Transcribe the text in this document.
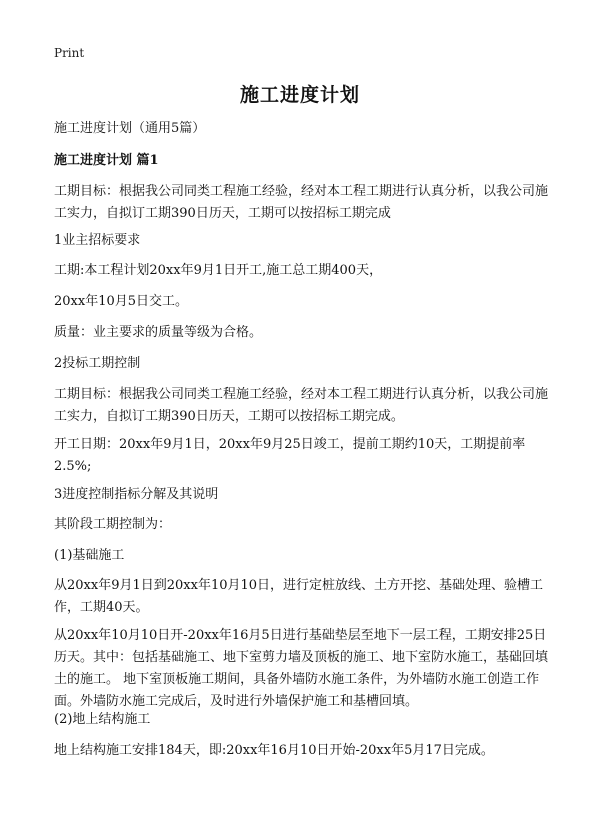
Print
施工进度计划

施工进度计划（通用5篇）

施工进度计划 篇1

工期目标：根据我公司同类工程施工经验，经对本工程工期进行认真分析，以我公司施工实力，自拟订工期390日历天，工期可以按招标工期完成

1业主招标要求

工期:本工程计划20xx年9月1日开工,施工总工期400天，

20xx年10月5日交工。

质量：业主要求的质量等级为合格。

2投标工期控制

工期目标：根据我公司同类工程施工经验，经对本工程工期进行认真分析，以我公司施工实力，自拟订工期390日历天，工期可以按招标工期完成。

开工日期：20xx年9月1日，20xx年9月25日竣工，提前工期约10天，工期提前率2.5%;

3进度控制指标分解及其说明

其阶段工期控制为：

(1)基础施工

从20xx年9月1日到20xx年10月10日，进行定桩放线、土方开挖、基础处理、验槽工作，工期40天。

从20xx年10月10日开-20xx年16月5日进行基础垫层至地下一层工程，工期安排25日历天。其中：包括基础施工、地下室剪力墙及顶板的施工、地下室防水施工，基础回填土的施工。 地下室顶板施工期间，具备外墙防水施工条件，为外墙防水施工创造工作面。外墙防水施工完成后，及时进行外墙保护施工和基槽回填。

(2)地上结构施工

地上结构施工安排184天，即:20xx年16月10日开始-20xx年5月17日完成。
